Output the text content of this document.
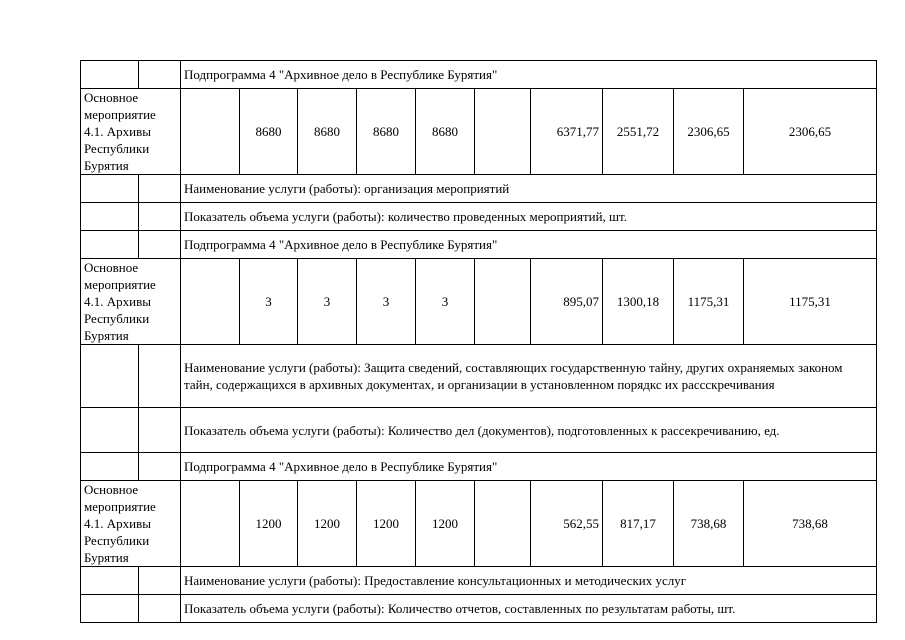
		Подпрограмма 4 "Архивное дело в Республике Бурятия"									
Основное мероприятие 4.1. Архивы Республики Бурятия			8680	8680	8680	8680		6371,77	2551,72	2306,65	2306,65
		Наименование услуги (работы): организация мероприятий									
		Показатель объема услуги (работы): количество проведенных мероприятий, шт.									
		Подпрограмма 4 "Архивное дело в Республике Бурятия"									
Основное мероприятие 4.1. Архивы Республики Бурятия			3	3	3	3		895,07	1300,18	1175,31	1175,31
		Наименование услуги (работы): Защита сведений, составляющих государственную тайну, других охраняемых законом тайн, содержащихся в архивных документах, и организации в установленном порядкс их рассскречивания									
		Показатель объема услуги (работы): Количество дел (документов), подготовленных к рассекречиванию, ед.									
		Подпрограмма 4 "Архивное дело в Республике Бурятия"									
Основное мероприятие 4.1. Архивы Республики Бурятия			1200	1200	1200	1200		562,55	817,17	738,68	738,68
		Наименование услуги (работы): Предоставление консультационных и методических услуг									
		Показатель объема услуги (работы): Количество отчетов, составленных по результатам работы, шт.									
